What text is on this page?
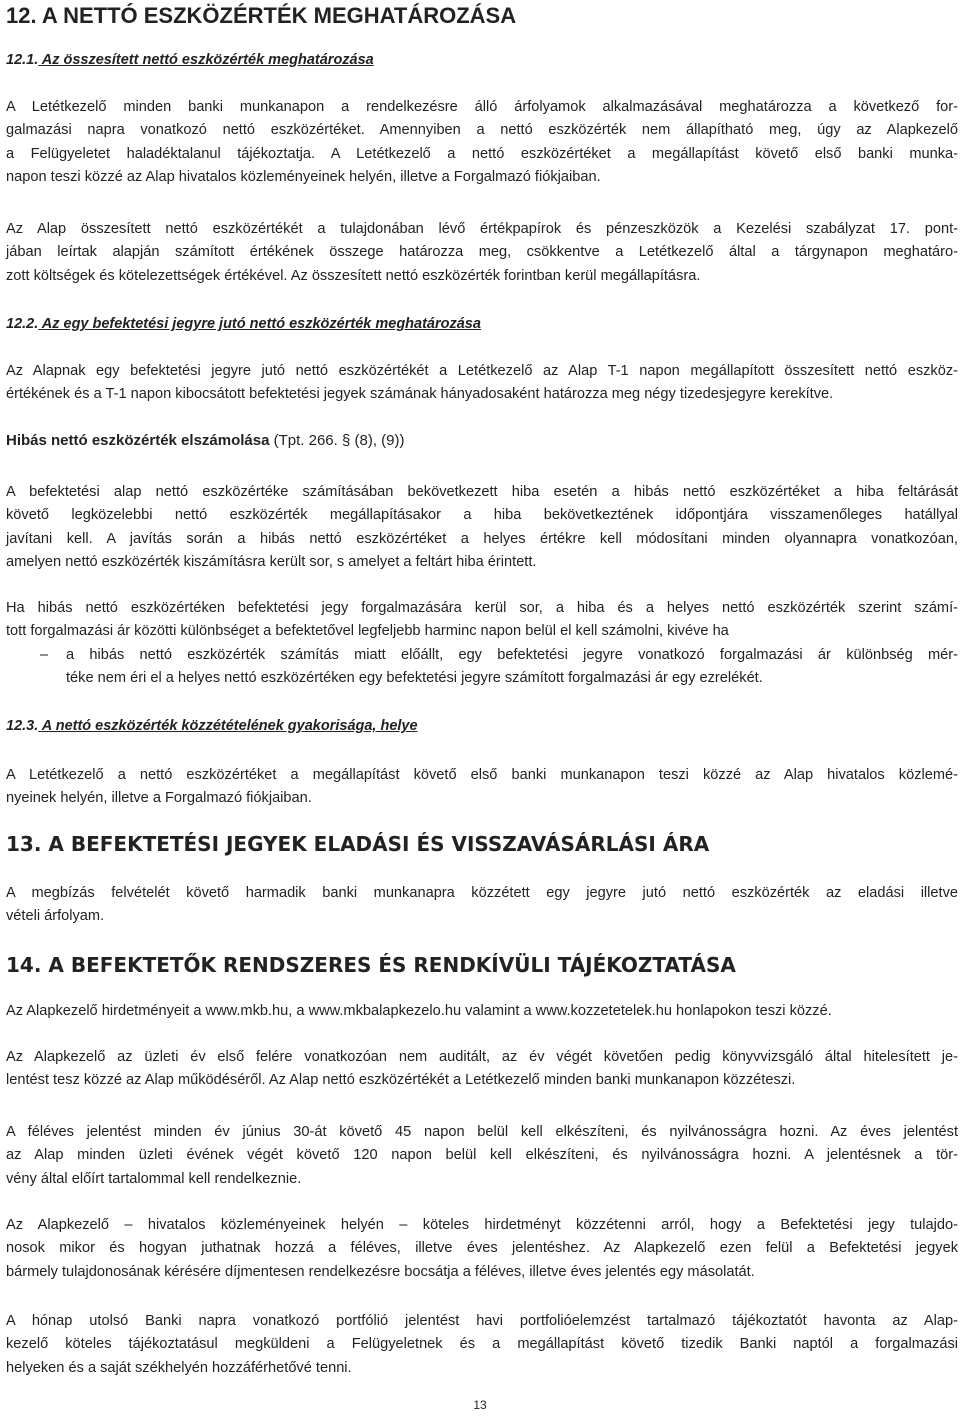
12. A NETTÓ ESZKÖZÉRTÉK MEGHATÁROZÁSA
12.1. Az összesített nettó eszközérték meghatározása

A Letétkezelő minden banki munkanapon a rendelkezésre álló árfolyamok alkalmazásával meghatározza a következő for-
galmazási napra vonatkozó nettó eszközértéket. Amennyiben a nettó eszközérték nem állapítható meg, úgy az Alapkezelő
a Felügyeletet haladéktalanul tájékoztatja. A Letétkezelő a nettó eszközértéket a megállapítást követő első banki munka-
napon teszi közzé az Alap hivatalos közleményeinek helyén, illetve a Forgalmazó fiókjaiban.

Az Alap összesített nettó eszközértékét a tulajdonában lévő értékpapírok és pénzeszközök a Kezelési szabályzat 17. pont-
jában leírtak alapján számított értékének összege határozza meg, csökkentve a Letétkezelő által a tárgynapon meghatáro-
zott költségek és kötelezettségek értékével. Az összesített nettó eszközérték forintban kerül megállapításra.

12.2. Az egy befektetési jegyre jutó nettó eszközérték meghatározása

Az Alapnak egy befektetési jegyre jutó nettó eszközértékét a Letétkezelő az Alap T-1 napon megállapított összesített nettó eszköz-
értékének és a T-1 napon kibocsátott befektetési jegyek számának hányadosaként határozza meg négy tizedesjegyre kerekítve.

Hibás nettó eszközérték elszámolása (Tpt. 266. § (8), (9))

A befektetési alap nettó eszközértéke számításában bekövetkezett hiba esetén a hibás nettó eszközértéket a hiba feltárását
követő legközelebbi nettó eszközérték megállapításakor a hiba bekövetkeztének időpontjára visszamenőleges hatállyal
javítani kell. A javítás során a hibás nettó eszközértéket a helyes értékre kell módosítani minden olyannapra vonatkozóan,
amelyen nettó eszközérték kiszámításra került sor, s amelyet a feltárt hiba érintett.

Ha hibás nettó eszközértéken befektetési jegy forgalmazására kerül sor, a hiba és a helyes nettó eszközérték szerint számí-
tott forgalmazási ár közötti különbséget a befektetővel legfeljebb harminc napon belül el kell számolni, kivéve ha

– a hibás nettó eszközérték számítás miatt előállt, egy befektetési jegyre vonatkozó forgalmazási ár különbség mér-
téke nem éri el a helyes nettó eszközértéken egy befektetési jegyre számított forgalmazási ár egy ezrelékét.
12.3. A nettó eszközérték közzétételének gyakorisága, helye

A Letétkezelő a nettó eszközértéket a megállapítást követő első banki munkanapon teszi közzé az Alap hivatalos közlemé-
nyeinek helyén, illetve a Forgalmazó fiókjaiban.

13. A BEFEKTETÉSI JEGYEK ELADÁSI ÉS VISSZAVÁSÁRLÁSI ÁRA

A megbízás felvételét követő harmadik banki munkanapra közzétett egy jegyre jutó nettó eszközérték az eladási illetve
vételi árfolyam.

14. A BEFEKTETŐK RENDSZERES ÉS RENDKÍVÜLI TÁJÉKOZTATÁSA

Az Alapkezelő hirdetményeit a www.mkb.hu, a www.mkbalapkezelo.hu valamint a www.kozzetetelek.hu honlapokon teszi közzé.

Az Alapkezelő az üzleti év első felére vonatkozóan nem auditált, az év végét követően pedig könyvvizsgáló által hitelesített je-
lentést tesz közzé az Alap működéséről. Az Alap nettó eszközértékét a Letétkezelő minden banki munkanapon közzéteszi.

A féléves jelentést minden év június 30-át követő 45 napon belül kell elkészíteni, és nyilvánosságra hozni. Az éves jelentést
az Alap minden üzleti évének végét követő 120 napon belül kell elkészíteni, és nyilvánosságra hozni. A jelentésnek a tör-
vény által előírt tartalommal kell rendelkeznie.

Az Alapkezelő – hivatalos közleményeinek helyén – köteles hirdetményt közzétenni arról, hogy a Befektetési jegy tulajdo-
nosok mikor és hogyan juthatnak hozzá a féléves, illetve éves jelentéshez. Az Alapkezelő ezen felül a Befektetési jegyek
bármely tulajdonosának kérésére díjmentesen rendelkezésre bocsátja a féléves, illetve éves jelentés egy másolatát.

A hónap utolsó Banki napra vonatkozó portfólió jelentést havi portfolióelemzést tartalmazó tájékoztatót havonta az Alap-
kezelő köteles tájékoztatásul megküldeni a Felügyeletnek és a megállapítást követő tizedik Banki naptól a forgalmazási
helyeken és a saját székhelyén hozzáférhetővé tenni.

13
